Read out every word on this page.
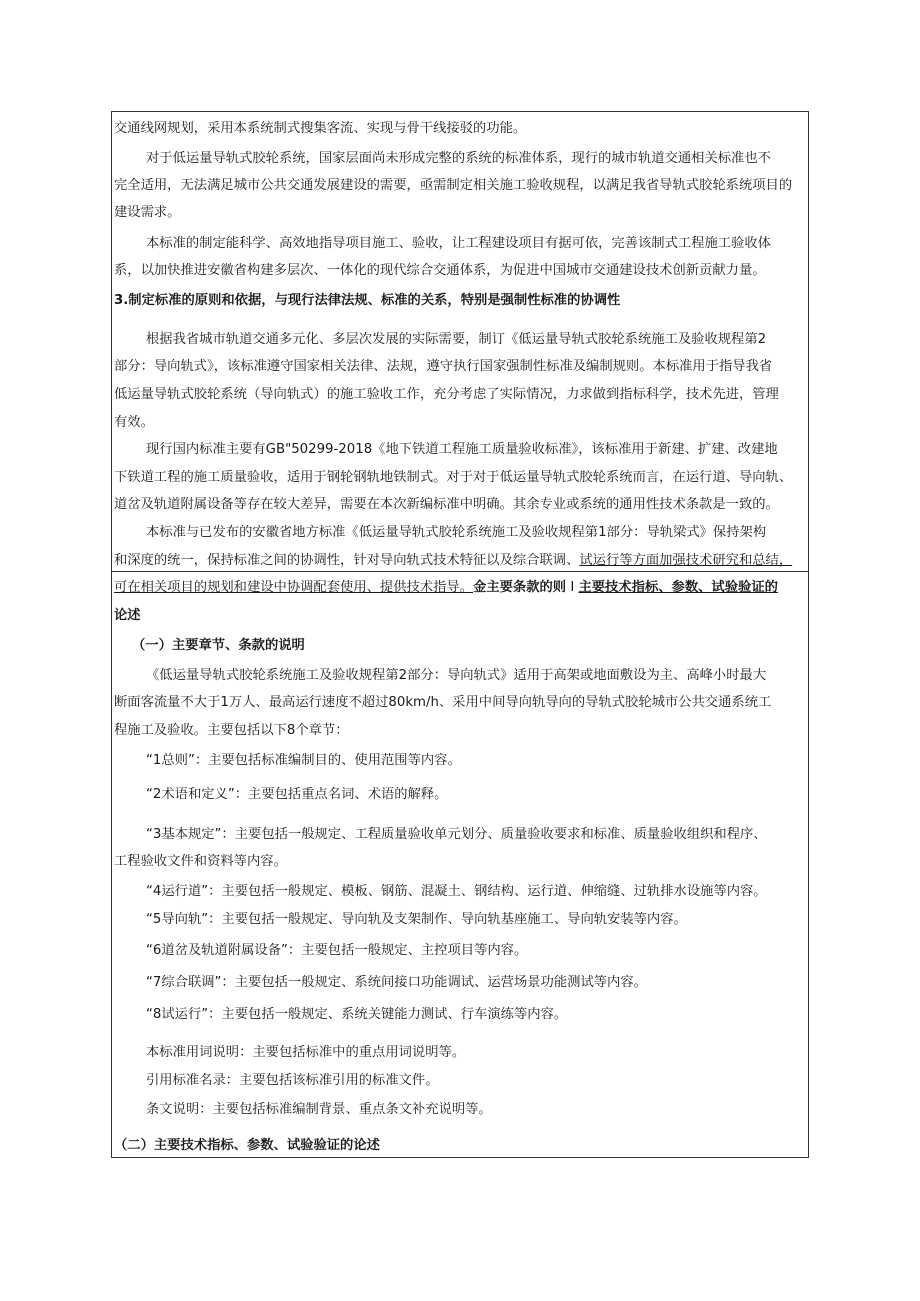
交通线网规划，采用本系统制式搜集客流、实现与骨干线接驳的功能。
对于低运量导轨式胶轮系统，国家层面尚未形成完整的系统的标准体系，现行的城市轨道交通相关标准也不
完全适用，无法满足城市公共交通发展建设的需要，亟需制定相关施工验收规程，以满足我省导轨式胶轮系统项目的
建设需求。
本标准的制定能科学、高效地指导项目施工、验收，让工程建设项目有据可依，完善该制式工程施工验收体
系，以加快推进安徽省构建多层次、一体化的现代综合交通体系，为促进中国城市交通建设技术创新贡献力量。
3.制定标准的原则和依据，与现行法律法规、标准的关系，特别是强制性标准的协调性
根据我省城市轨道交通多元化、多层次发展的实际需要，制订《低运量导轨式胶轮系统施工及验收规程第2
部分：导向轨式》，该标准遵守国家相关法律、法规，遵守执行国家强制性标准及编制规则。本标准用于指导我省
低运量导轨式胶轮系统（导向轨式）的施工验收工作，充分考虑了实际情况，力求做到指标科学，技术先进，管理
有效。
现行国内标准主要有GB"50299-2018《地下铁道工程施工质量验收标准》，该标准用于新建、扩建、改建地
下铁道工程的施工质量验收，适用于钢轮钢轨地铁制式。对于对于低运量导轨式胶轮系统而言，在运行道、导向轨、
道岔及轨道附属设备等存在较大差异，需要在本次新编标准中明确。其余专业或系统的通用性技术条款是一致的。
本标准与已发布的安徽省地方标准《低运量导轨式胶轮系统施工及验收规程第1部分：导轨梁式》保持架构
和深度的统一，保持标准之间的协调性，针对导向轨式技术特征以及综合联调、试运行等方面加强技术研究和总结，
可在相关项目的规划和建设中协调配套使用、提供技术指导。金主要条款的则 I 主要技术指标、参数、试验验证的
论述
（一）主要章节、条款的说明
《低运量导轨式胶轮系统施工及验收规程第2部分：导向轨式》适用于高架或地面敷设为主、高峰小时最大
断面客流量不大于1万人、最高运行速度不超过80km/h、采用中间导向轨导向的导轨式胶轮城市公共交通系统工
程施工及验收。主要包括以下8个章节：
“1总则”：主要包括标准编制目的、使用范围等内容。
“2术语和定义”：主要包括重点名词、术语的解释。
“3基本规定”：主要包括一般规定、工程质量验收单元划分、质量验收要求和标准、质量验收组织和程序、
工程验收文件和资料等内容。
“4运行道”：主要包括一般规定、模板、钢筋、混凝土、钢结构、运行道、伸缩缝、过轨排水设施等内容。
“5导向轨”：主要包括一般规定、导向轨及支架制作、导向轨基座施工、导向轨安装等内容。
“6道岔及轨道附属设备”：主要包括一般规定、主控项目等内容。
“7综合联调”：主要包括一般规定、系统间接口功能调试、运营场景功能测试等内容。
“8试运行”：主要包括一般规定、系统关键能力测试、行车演练等内容。
本标准用词说明：主要包括标准中的重点用词说明等。
引用标准名录：主要包括该标准引用的标准文件。
条文说明：主要包括标准编制背景、重点条文补充说明等。
（二）主要技术指标、参数、试验验证的论述
